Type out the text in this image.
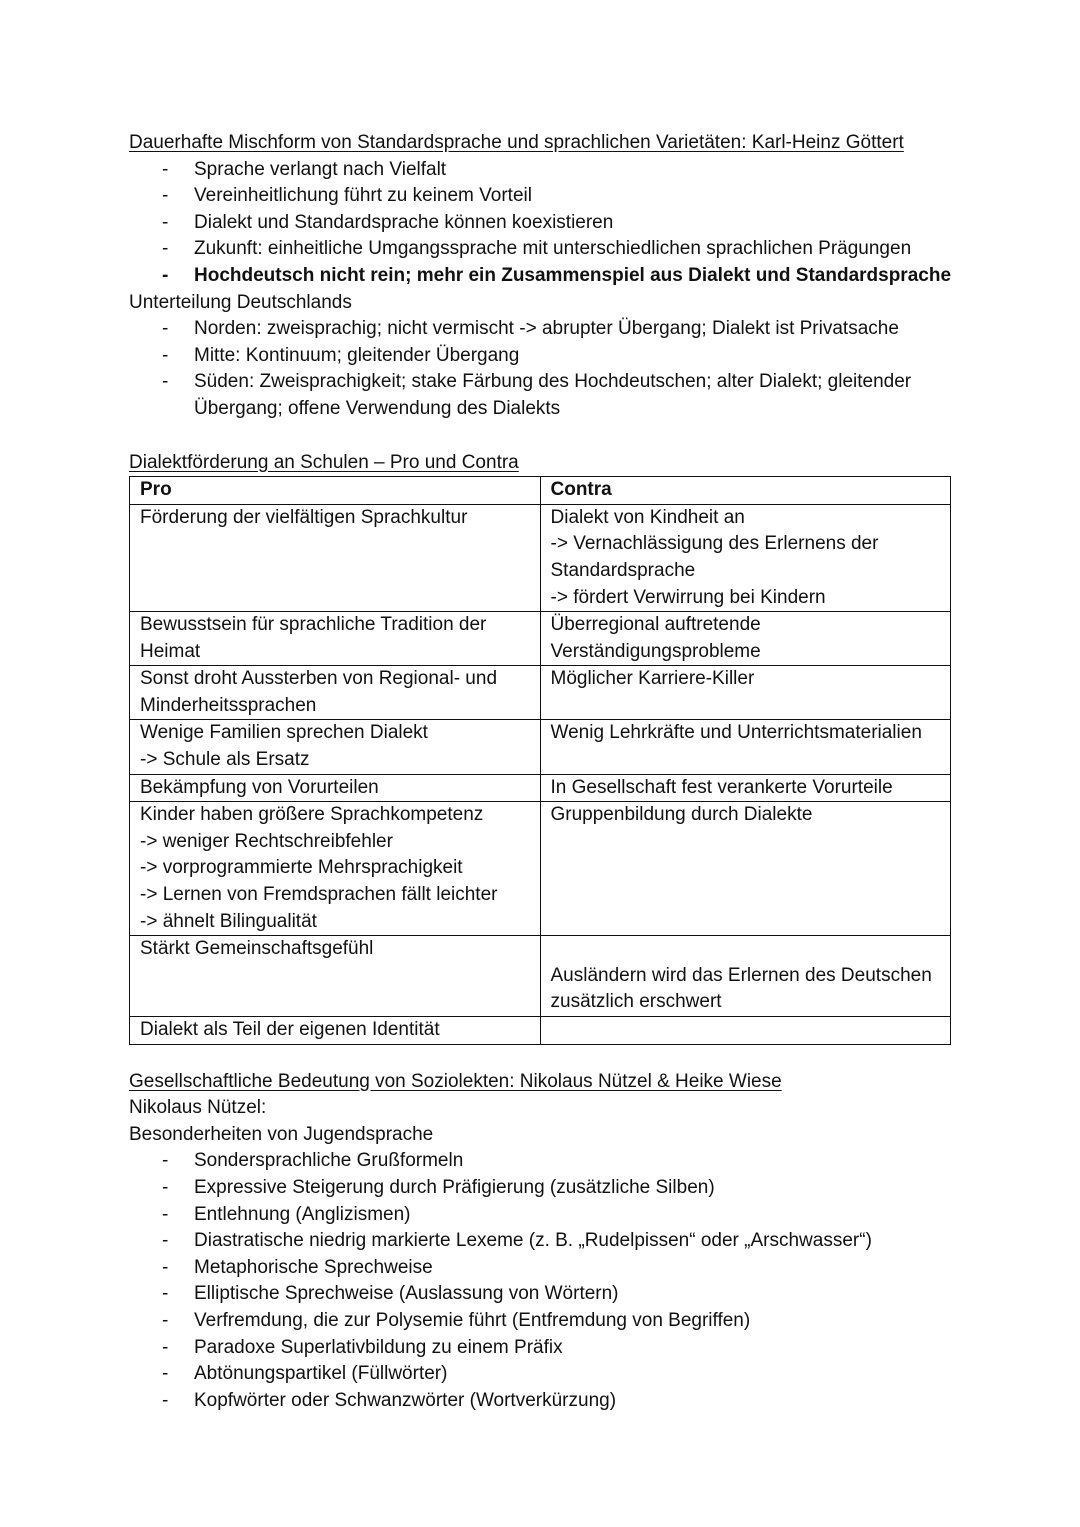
Dauerhafte Mischform von Standardsprache und sprachlichen Varietäten: Karl-Heinz Göttert
- Sprache verlangt nach Vielfalt
- Vereinheitlichung führt zu keinem Vorteil
- Dialekt und Standardsprache können koexistieren
- Zukunft: einheitliche Umgangssprache mit unterschiedlichen sprachlichen Prägungen
- Hochdeutsch nicht rein; mehr ein Zusammenspiel aus Dialekt und Standardsprache
Unterteilung Deutschlands
- Norden: zweisprachig; nicht vermischt -> abrupter Übergang; Dialekt ist Privatsache
- Mitte: Kontinuum; gleitender Übergang
- Süden: Zweisprachigkeit; stake Färbung des Hochdeutschen; alter Dialekt; gleitender Übergang; offene Verwendung des Dialekts
Dialektförderung an Schulen – Pro und Contra
Pro	Contra

Förderung der vielfältigen Sprachkultur	Dialekt von Kindheit an
-> Vernachlässigung des Erlernens der Standardsprache
-> fördert Verwirrung bei Kindern

Bewusstsein für sprachliche Tradition der Heimat	Überregional auftretende Verständigungsprobleme

Sonst droht Aussterben von Regional- und Minderheitssprachen	Möglicher Karriere-Killer

Wenige Familien sprechen Dialekt
-> Schule als Ersatz	Wenig Lehrkräfte und Unterrichtsmaterialien

Bekämpfung von Vorurteilen	In Gesellschaft fest verankerte Vorurteile

Kinder haben größere Sprachkompetenz
-> weniger Rechtschreibfehler
-> vorprogrammierte Mehrsprachigkeit
-> Lernen von Fremdsprachen fällt leichter
-> ähnelt Bilingualität	Gruppenbildung durch Dialekte

Stärkt Gemeinschaftsgefühl	Ausländern wird das Erlernen des Deutschen zusätzlich erschwert

Dialekt als Teil der eigenen Identität	

Gesellschaftliche Bedeutung von Soziolekten: Nikolaus Nützel & Heike Wiese
Nikolaus Nützel:
Besonderheiten von Jugendsprache
- Sondersprachliche Grußformeln
- Expressive Steigerung durch Präfigierung (zusätzliche Silben)
- Entlehnung (Anglizismen)
- Diastratische niedrig markierte Lexeme (z. B. „Rudelpissen“ oder „Arschwasser“)
- Metaphorische Sprechweise
- Elliptische Sprechweise (Auslassung von Wörtern)
- Verfremdung, die zur Polysemie führt (Entfremdung von Begriffen)
- Paradoxe Superlativbildung zu einem Präfix
- Abtönungspartikel (Füllwörter)
- Kopfwörter oder Schwanzwörter (Wortverkürzung)
